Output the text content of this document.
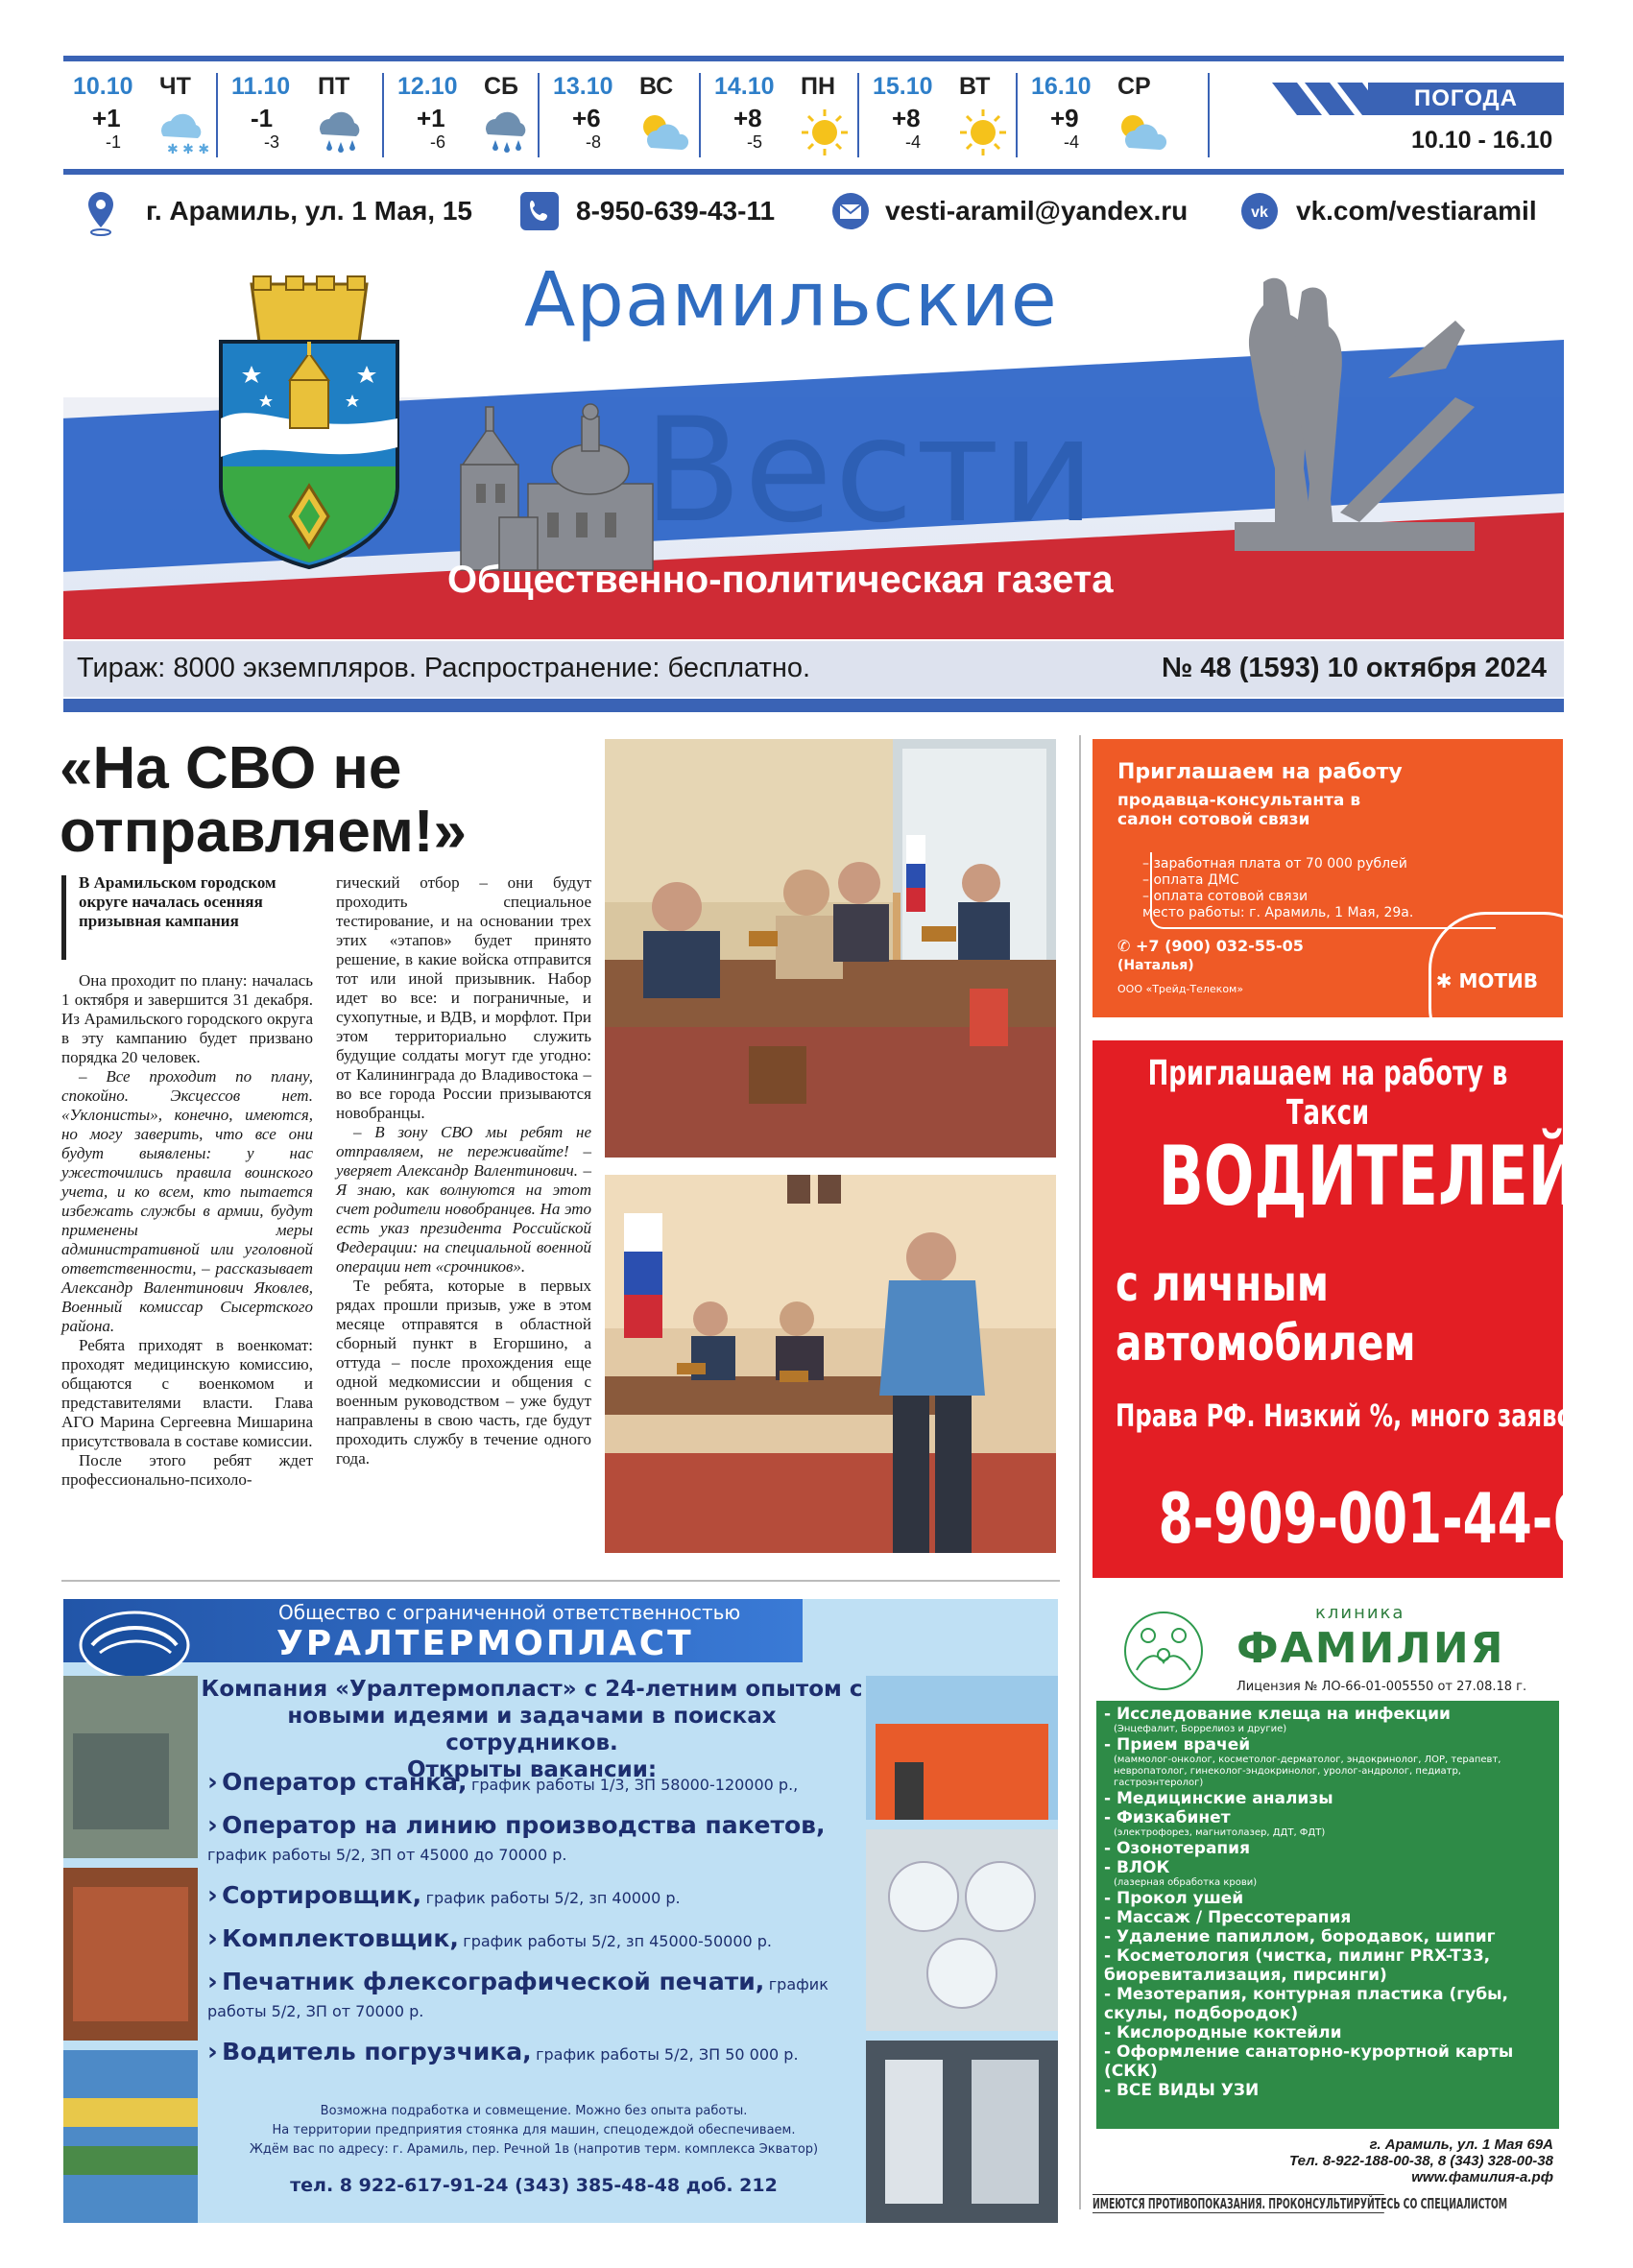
10.10 ЧТ
+1
-1	✱ ✱ ✱
11.10 ПТ
-1
-3
12.10 СБ
+1
-6
13.10 ВС
+6
-8
14.10 ПН
+8
-5
15.10 ВТ
+8
-4
16.10 СР
+9
-4
ПОГОДА
10.10 - 16.10
г. Арамиль, ул. 1 Мая, 15	8-950-639-43-11	vesti-aramil@yandex.ru	vk vk.com/vestiaramil
16+
Арамильские
Вести
Общественно-политическая газета
Тираж: 8000 экземпляров. Распространение: бесплатно.	№ 48 (1593) 10 октября 2024
«На СВО не отправляем!»
В Арамильском городском округе началась осенняя призывная кампания

Она проходит по плану: началась 1 октября и завершится 31 декабря. Из Арамильского городского округа в эту кампанию будет призвано порядка 20 человек.

– Все проходит по плану, спокойно. Эксцессов нет. «Уклонисты», конечно, имеются, но могу заверить, что все они будут выявлены: у нас ужесточились правила воинского учета, и ко всем, кто пытается избежать службы в армии, будут применены меры административной или уголовной ответственности, – рассказывает Александр Валентинович Яковлев, Военный комиссар Сысертского района.

Ребята приходят в военкомат: проходят медицинскую комиссию, общаются с военкомом и представителями власти. Глава АГО Марина Сергеевна Мишарина присутствовала в составе комиссии.

После этого ребят ждет профессионально-психоло-

гический отбор – они будут проходить специальное тестирование, и на основании трех этих «этапов» будет принято решение, в какие войска отправится тот или иной призывник. Набор идет во все: и пограничные, и сухопутные, и ВДВ, и морфлот. При этом территориально служить будущие солдаты могут где угодно: от Калининграда до Владивостока – во все города России призываются новобранцы.

– В зону СВО мы ребят не отправляем, не переживайте! – уверяет Александр Валентинович. – Я знаю, как волнуются на этот счет родители новобранцев. На это есть указ президента Российской Федерации: на специальной военной операции нет «срочников».

Те ребята, которые в первых рядах прошли призыв, уже в этом месяце отправятся в областной сборный пункт в Егоршино, а оттуда – после прохождения еще одной медкомиссии и общения с военным руководством – уже будут направлены в свою часть, где будут проходить службу в течение одного года.

Приглашаем на работу
продавца-консультанта в салон сотовой связи
– заработная плата от 70 000 рублей
– оплата ДМС
– оплата сотовой связи
место работы: г. Арамиль, 1 Мая, 29а.
✆ +7 (900) 032-55-05
(Наталья)
ООО «Трейд-Телеком»	✱ МОТИВ
Приглашаем на работу в Такси
ВОДИТЕЛЕЙ
с личным
автомобилем
Права РФ. Низкий %, много заявок
8-909-001-44-69
клиника
ФАМИЛИЯ
Лицензия № ЛО-66-01-005550 от 27.08.18 г.
- Исследование клеща на инфекции
(Энцефалит, Боррелиоз и другие)
- Прием врачей
(маммолог-онколог, косметолог-дерматолог, эндокринолог, ЛОР, терапевт, невропатолог, гинеколог-эндокринолог, уролог-андролог, педиатр, гастроэнтеролог)
- Медицинские анализы
- Физкабинет
(электрофорез, магнитолазер, ДДТ, ФДТ)
- Озонотерапия
- ВЛОК
(лазерная обработка крови)
- Прокол ушей
- Массаж / Прессотерапия
- Удаление папиллом, бородавок, шипиг
- Косметология (чистка, пилинг PRX-T33, биоревитализация, пирсинги)
- Мезотерапия, контурная пластика (губы, скулы, подбородок)
- Кислородные коктейли
- Оформление санаторно-курортной карты (СКК)
- ВСЕ ВИДЫ УЗИ
г. Арамиль, ул. 1 Мая 69А
Тел. 8-922-188-00-38, 8 (343) 328-00-38
www.фамилия-а.рф
ИМЕЮТСЯ ПРОТИВОПОКАЗАНИЯ. ПРОКОНСУЛЬТИРУЙТЕСЬ СО СПЕЦИАЛИСТОМ
Общество с ограниченной ответственностью
УРАЛТЕРМОПЛАСТ
Компания «Уралтермопласт» с 24-летним опытом с
новыми идеями и задачами в поисках сотрудников.
Открыты вакансии:
› Оператор станка, график работы 1/3, ЗП 58000-120000 р.,
› Оператор на линию производства пакетов, график работы 5/2, ЗП от 45000 до 70000 р.
› Сортировщик, график работы 5/2, зп 40000 р.
› Комплектовщик, график работы 5/2, зп 45000-50000 р.
› Печатник флексографической печати, график работы 5/2, ЗП от 70000 р.
› Водитель погрузчика, график работы 5/2, ЗП 50 000 р.
Возможна подработка и совмещение. Можно без опыта работы.
На территории предприятия стоянка для машин, спецодеждой обеспечиваем.
Ждём вас по адресу: г. Арамиль, пер. Речной 1в (напротив терм. комплекса Экватор)
тел. 8 922-617-91-24 (343) 385-48-48 доб. 212
